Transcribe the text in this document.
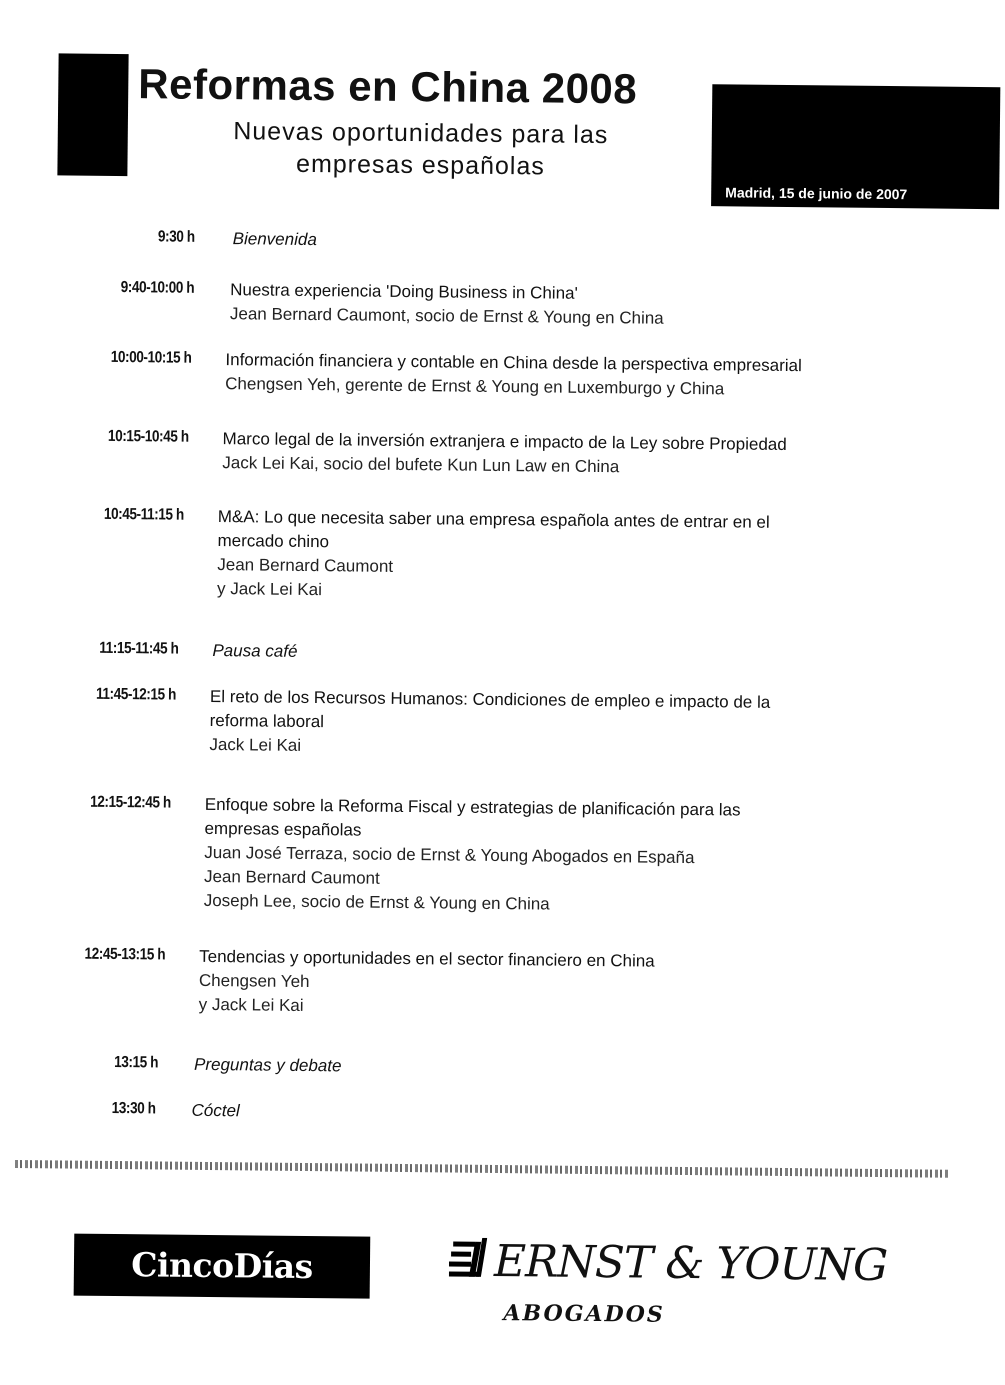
Madrid, 15 de junio de 2007
Reformas en China 2008
Nuevas oportunidades para las
empresas españolas
9:30 h Bienvenida
9:40-10:00 h Nuestra experiencia 'Doing Business in China'
Jean Bernard Caumont, socio de Ernst & Young en China
10:00-10:15 h Información financiera y contable en China desde la perspectiva empresarial
Chengsen Yeh, gerente de Ernst & Young en Luxemburgo y China
10:15-10:45 h Marco legal de la inversión extranjera e impacto de la Ley sobre Propiedad
Jack Lei Kai, socio del bufete Kun Lun Law en China
10:45-11:15 h M&A: Lo que necesita saber una empresa española antes de entrar en el
mercado chino
Jean Bernard Caumont
y Jack Lei Kai
11:15-11:45 h Pausa café
11:45-12:15 h El reto de los Recursos Humanos: Condiciones de empleo e impacto de la
reforma laboral
Jack Lei Kai
12:15-12:45 h Enfoque sobre la Reforma Fiscal y estrategias de planificación para las
empresas españolas
Juan José Terraza, socio de Ernst & Young Abogados en España
Jean Bernard Caumont
Joseph Lee, socio de Ernst & Young en China
12:45-13:15 h Tendencias y oportunidades en el sector financiero en China
Chengsen Yeh
y Jack Lei Kai
13:15 h Preguntas y debate
13:30 h Cóctel
CincoDías	ERNST & YOUNG
ABOGADOS
